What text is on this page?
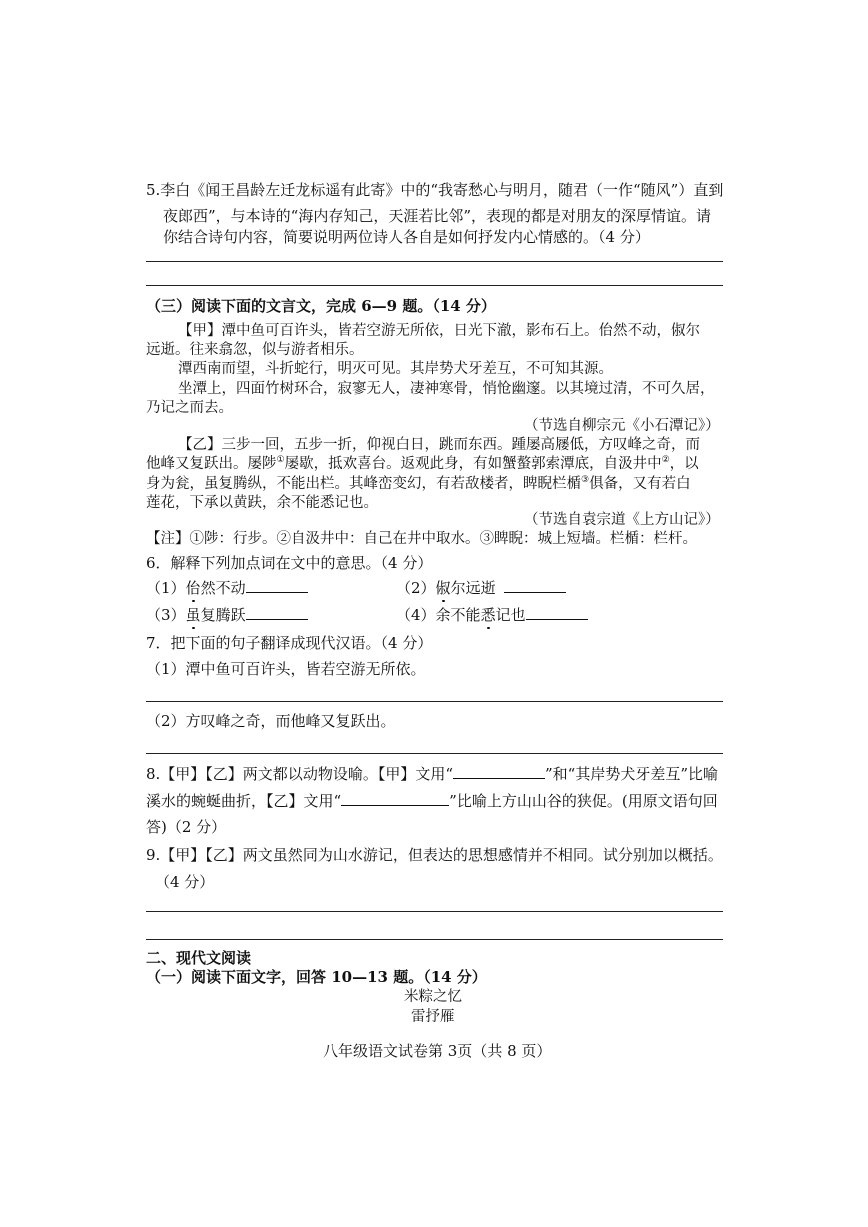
5.李白《闻王昌龄左迁龙标遥有此寄》中的“我寄愁心与明月，随君（一作“随风”）直到
夜郎西”，与本诗的“海内存知己，天涯若比邻”，表现的都是对朋友的深厚情谊。请
你结合诗句内容，简要说明两位诗人各自是如何抒发内心情感的。（4 分）
（三）阅读下面的文言文，完成 6—9 题。（14 分）
【甲】潭中鱼可百许头，皆若空游无所依，日光下澈，影布石上。佁然不动，俶尔
远逝。往来翕忽，似与游者相乐。
潭西南而望，斗折蛇行，明灭可见。其岸势犬牙差互，不可知其源。
坐潭上，四面竹树环合，寂寥无人，凄神寒骨，悄怆幽邃。以其境过清，不可久居，
乃记之而去。
（节选自柳宗元《小石潭记》）
【乙】三步一回，五步一折，仰视白日，跳而东西。踵屡高屦低，方叹峰之奇，而
他峰又复跃出。屡陟①屡歇，抵欢喜台。返观此身，有如蟹螯郭索潭底，自汲井中②，以
身为瓮，虽复腾纵，不能出栏。其峰峦变幻，有若敌楼者，睥睨栏楯③俱备，又有若白
莲花，下承以黄趺，余不能悉记也。
（节选自袁宗道《上方山记》）
【注】①陟：行步。②自汲井中：自己在井中取水。③睥睨：城上短墙。栏楯：栏杆。
6．解释下列加点词在文中的意思。（4 分）
（1）佁然不动	（2）俶尔远逝
（3）虽复腾跃	（4）余不能悉记也
7．把下面的句子翻译成现代汉语。（4 分）
（1）潭中鱼可百许头，皆若空游无所依。
（2）方叹峰之奇，而他峰又复跃出。
8.【甲】【乙】两文都以动物设喻。【甲】文用“	”和“其岸势犬牙差互”比喻
溪水的蜿蜒曲折，【乙】文用“	”比喻上方山山谷的狭促。(用原文语句回
答)（2 分）
9.【甲】【乙】两文虽然同为山水游记，但表达的思想感情并不相同。试分别加以概括。
（4 分）
二、现代文阅读
（一）阅读下面文字，回答 10—13 题。（14 分）
米粽之忆
雷抒雁
八年级语文试卷第 3页（共 8 页）
